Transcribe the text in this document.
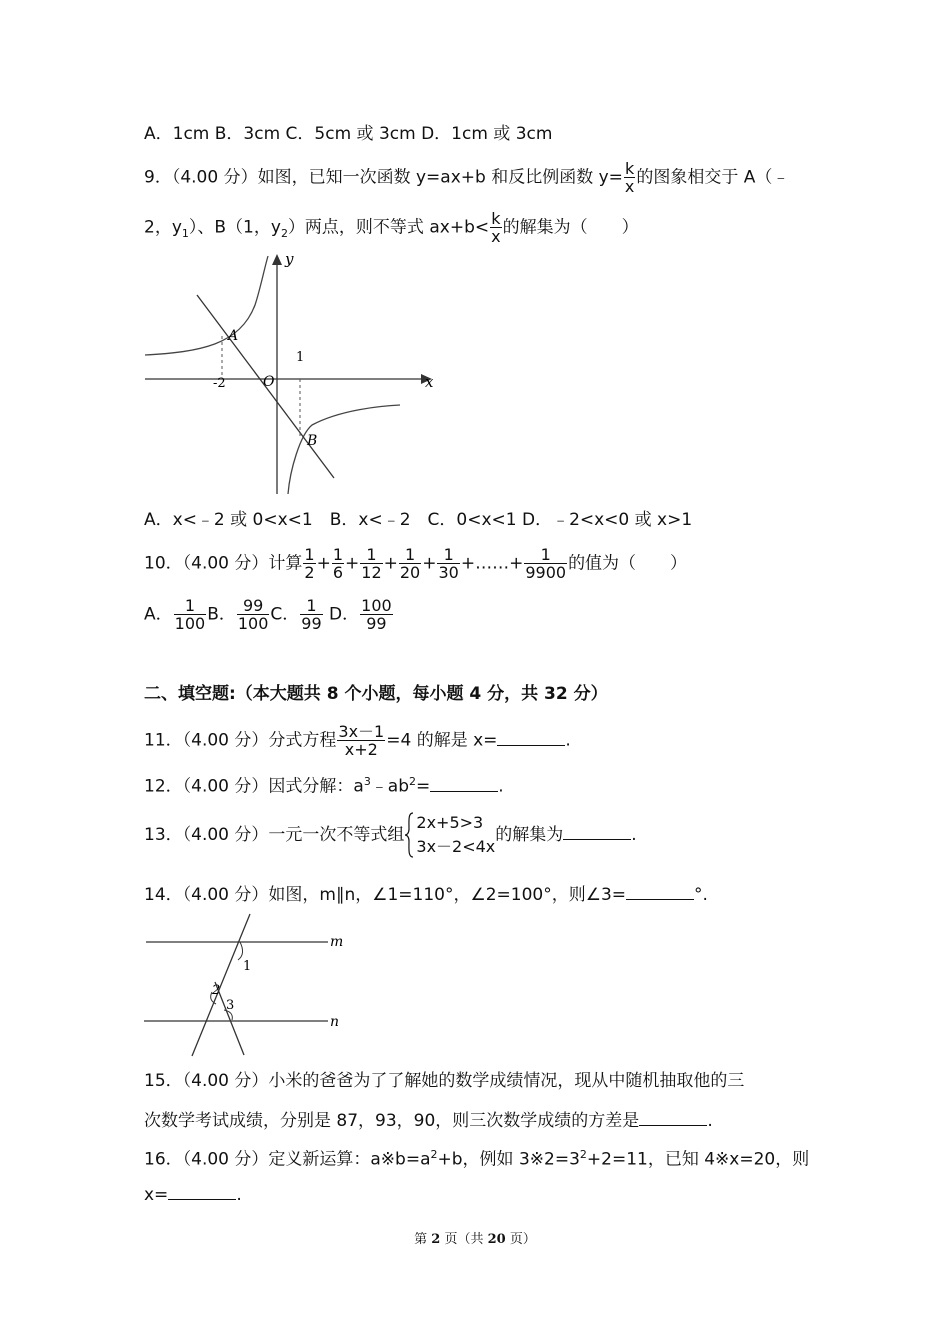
A．1cm B．3cm C．5cm 或 3cm D．1cm 或 3cm
9．（4.00 分）如图，已知一次函数 y=ax+b 和反比例函数 $y= \frac{k}{x}$ 的图象相交于 A（﹣
2，$y_1$）、B（1，$y_2$）两点，则不等式 $ax+b< \frac{k}{x}$ 的解集为（　　）
y
x
A
B
O
-2
1
A．x<﹣2 或 0<x<1　B．x<﹣2　C．0<x<1 D．﹣2<x<0 或 x>1
10．（4.00 分）计算 $\frac{1}{2} + \frac{1}{6} + \frac{1}{12} + \frac{1}{20} + \frac{1}{30}$ +……+ $\frac{1}{9900}$ 的值为（　　）
A． $\frac{1}{100}$ B． $\frac{99}{100}$ C． $\frac{1}{99}$ D． $\frac{100}{99}$
二、填空题:（本大题共 8 个小题，每小题 4 分，共 32 分）
11．（4.00 分）分式方程 $\frac{3x-1}{x+2} =4$ 的解是 x=	.
12．（4.00 分）因式分解：$a^3﹣ab^2=$	.
13．（4.00 分）一元一次不等式组
2x+5>3
3x－2<4x
的解集为	.
14．（4.00 分）如图，m∥n，∠1=110°，∠2=100°，则∠3=	°.
m
n
1
2
3
15．（4.00 分）小米的爸爸为了了解她的数学成绩情况，现从中随机抽取他的三
次数学考试成绩，分别是 87，93，90，则三次数学成绩的方差是	.
16．（4.00 分）定义新运算：$a※b=a^2+b$，例如 $3※2=3^2+2=11$，已知 4※x=20，则
x=	.
第 2 页（共 20 页）
